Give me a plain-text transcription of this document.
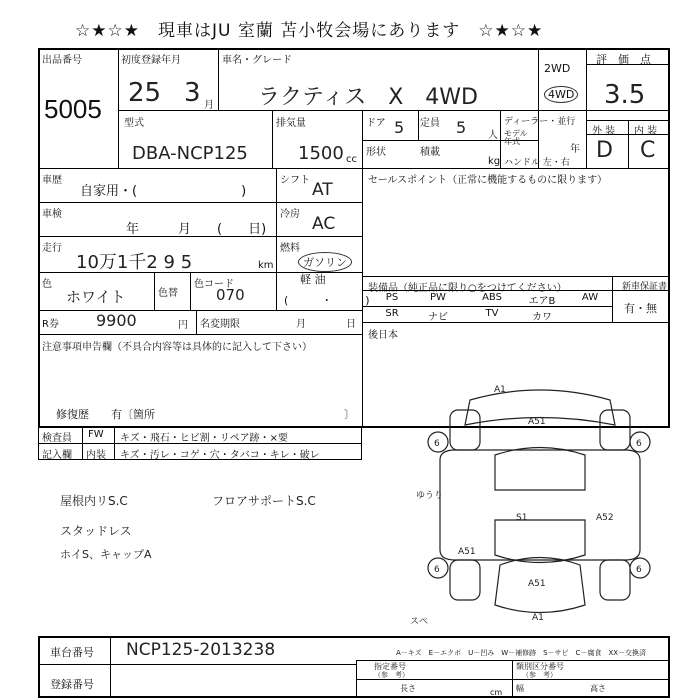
☆★☆★　現車はJU 室蘭 苫小牧会場にあります　☆★☆★
出品番号
5005
初度登録年月
25 3 月
車名・グレード
ラクティス　X　4WD
2WD
4WD
評　価　点
3.5
型式
DBA-NCP125
排気量
1500 cc
ドア 5 定員 5 人
ディーラー・並行
モデル年式
年
ハンドル 左・右
形状	積載
kg
外 装 内 装
D C
車歴
自家用・(　　　　　　　　)
シフト AT
車検
年　　　月　　(　　日)
冷房 AC
走行
10万1千2 9 5	km
燃料
ガソリン
軽 油
(　　　・　　　)
色
ホワイト	色替
色コード
070
R券 9900	円 名変期限	月　　　　日
注意事項申告欄（不具合内容等は具体的に記入して下さい）
修復歴　　有〔箇所	〕
セールスポイント（正常に機能するものに限ります）
装備品（純正品に限り○をつけてください）	新車保証書
有・無
PS	PW	ABS	エアB	AW
SR	ナビ	TV	カワ
後日本
検査員 FW キズ・飛石・ヒビ割・リペア跡・×要
記入欄 内装 キズ・汚レ・コゲ・穴・タバコ・キレ・破レ
屋根内リS.C	フロアサポートS.C
スタッドレス
ホイS、キャップA
6	6
6	6
ゆうり
A51
S1	A52
A51
A51
A1
A1
スペ
A－キズ　E－エクボ　U－凹み　W－補修跡　S－サビ　C－腐食　XX－交換済
車台番号 NCP125-2013238
登録番号
指定番号
（参　考）
類別区分番号
（参　考）
長さ	cm 幅	高さ
